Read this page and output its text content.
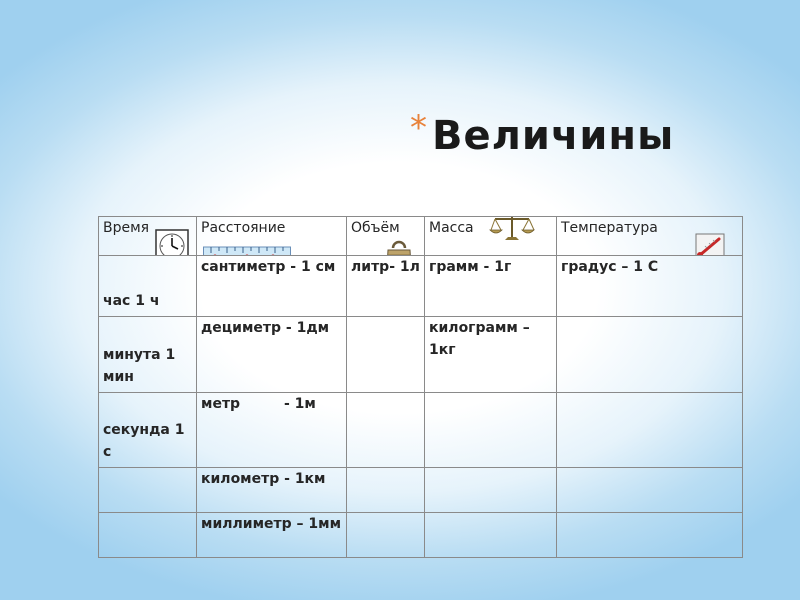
* Величины
Время	Расстояние	Объём	Масса	Температура

час 1 ч	сантиметр - 1 см	литр- 1л	грамм - 1г	градус – 1 С

минута 1 мин	дециметр - 1дм		килограмм – 1кг	

секунда 1 с	метр         - 1м			

	километр - 1км			

	миллиметр – 1мм			
